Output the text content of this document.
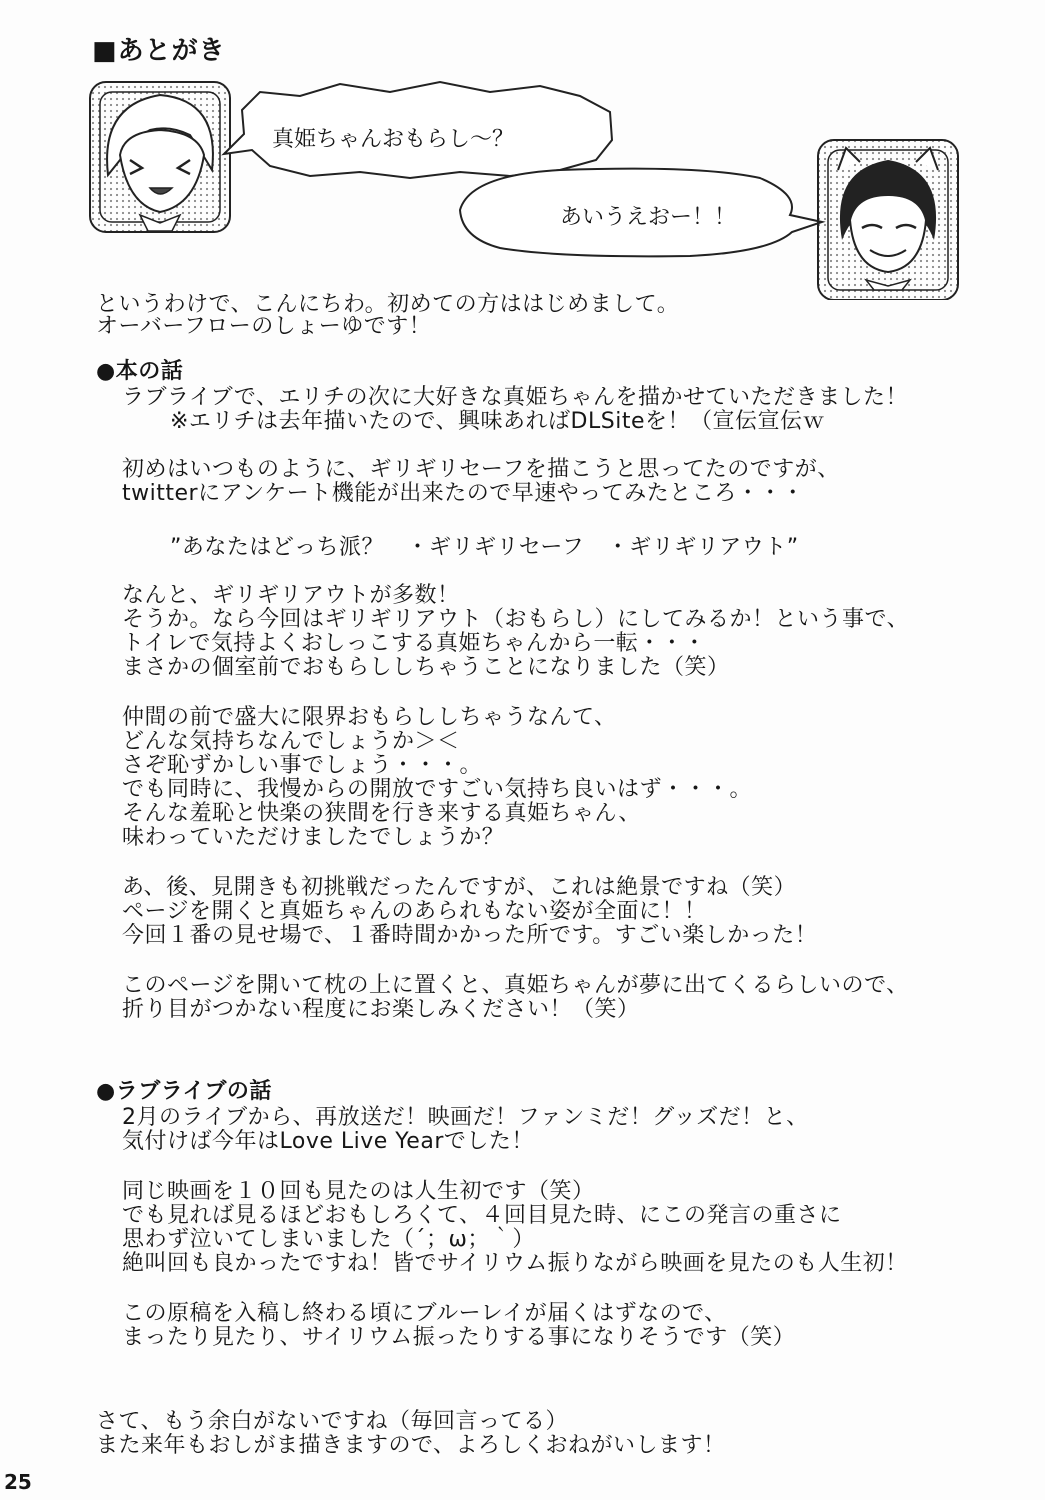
■あとがき
真姫ちゃんおもらし〜？
あいうえおー！！
というわけで、こんにちわ。初めての方ははじめまして。
オーバーフローのしょーゆです！
●本の話
ラブライブで、エリチの次に大好きな真姫ちゃんを描かせていただきました！
※エリチは去年描いたので、興味あればDLSiteを！（宣伝宣伝ｗ
初めはいつものように、ギリギリセーフを描こうと思ってたのですが、
twitterにアンケート機能が出来たので早速やってみたところ・・・
”あなたはどっち派？　・ギリギリセーフ　・ギリギリアウト”
なんと、ギリギリアウトが多数！
そうか。なら今回はギリギリアウト（おもらし）にしてみるか！という事で、
トイレで気持よくおしっこする真姫ちゃんから一転・・・
まさかの個室前でおもらししちゃうことになりました（笑）
仲間の前で盛大に限界おもらししちゃうなんて、
どんな気持ちなんでしょうか＞＜
さぞ恥ずかしい事でしょう・・・。
でも同時に、我慢からの開放ですごい気持ち良いはず・・・。
そんな羞恥と快楽の狭間を行き来する真姫ちゃん、
味わっていただけましたでしょうか？
あ、後、見開きも初挑戦だったんですが、これは絶景ですね（笑）
ページを開くと真姫ちゃんのあられもない姿が全面に！！
今回１番の見せ場で、１番時間かかった所です。すごい楽しかった！
このページを開いて枕の上に置くと、真姫ちゃんが夢に出てくるらしいので、
折り目がつかない程度にお楽しみください！（笑）
●ラブライブの話
2月のライブから、再放送だ！映画だ！ファンミだ！グッズだ！と、
気付けば今年はLove Live Yearでした！
同じ映画を１０回も見たのは人生初です（笑）
でも見れば見るほどおもしろくて、４回目見た時、にこの発言の重さに
思わず泣いてしまいました（´；ω；｀）
絶叫回も良かったですね！皆でサイリウム振りながら映画を見たのも人生初！
この原稿を入稿し終わる頃にブルーレイが届くはずなので、
まったり見たり、サイリウム振ったりする事になりそうです（笑）
さて、もう余白がないですね（毎回言ってる）
また来年もおしがま描きますので、よろしくおねがいします！
25
